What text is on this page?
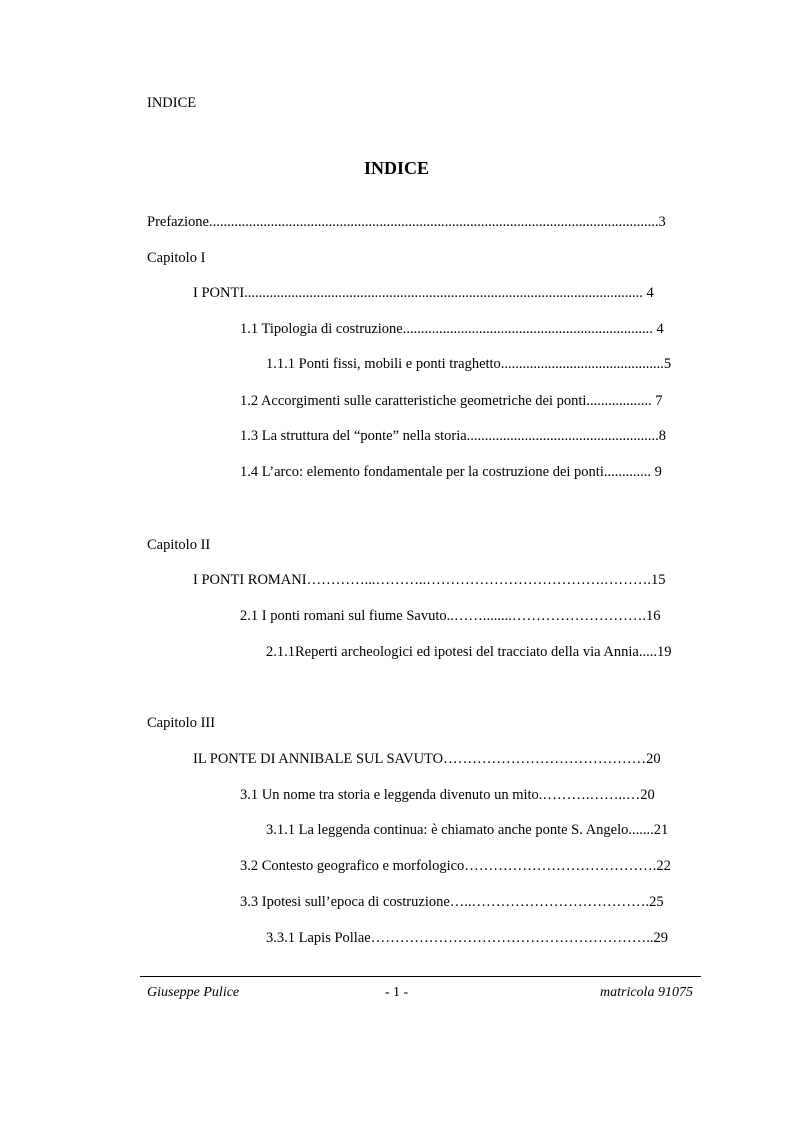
INDICE
INDICE
Prefazione............................................................................................................................3
Capitolo I
I PONTI.............................................................................................................. 4
1.1 Tipologia di costruzione..................................................................... 4
1.1.1 Ponti fissi, mobili e ponti traghetto.............................................5
1.2 Accorgimenti sulle caratteristiche geometriche dei ponti.................. 7
1.3 La struttura del “ponte” nella storia.....................................................8
1.4 L’arco: elemento fondamentale per la costruzione dei ponti............. 9
Capitolo II
I PONTI ROMANI…………...………..……………………………….……….15
2.1 I ponti romani sul fiume Savuto..……........……………………….16
2.1.1Reperti archeologici ed ipotesi del tracciato della via Annia.....19
Capitolo III
IL PONTE DI ANNIBALE SUL SAVUTO……………………………………20
3.1 Un nome tra storia e leggenda divenuto un mito.……….……..…20
3.1.1 La leggenda continua: è chiamato anche ponte S. Angelo.......21
3.2 Contesto geografico e morfologico………………………………….22
3.3 Ipotesi sull’epoca di costruzione…..……………………………….25
3.3.1 Lapis Pollae…………………………………………………..29
Giuseppe Pulice	- 1 -	matricola 91075
